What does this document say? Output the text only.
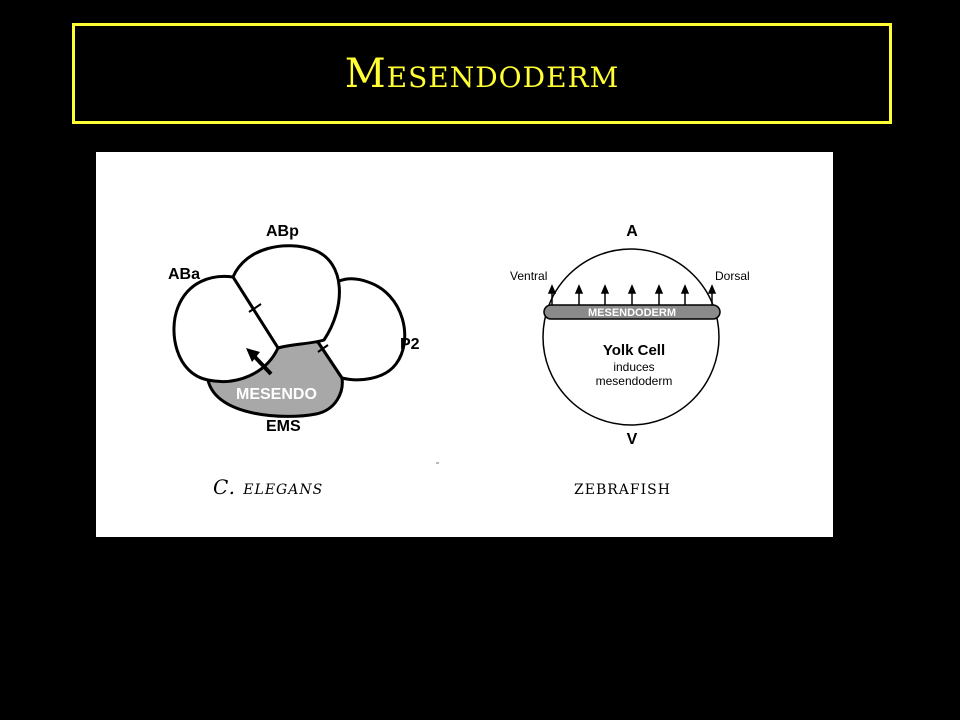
Mesendoderm
ABp
ABa
P2
MESENDO
EMS
MESENDODERM
A
V
Ventral	Dorsal
Yolk Cell
induces
mesendoderm
C. elegans	zebrafish
